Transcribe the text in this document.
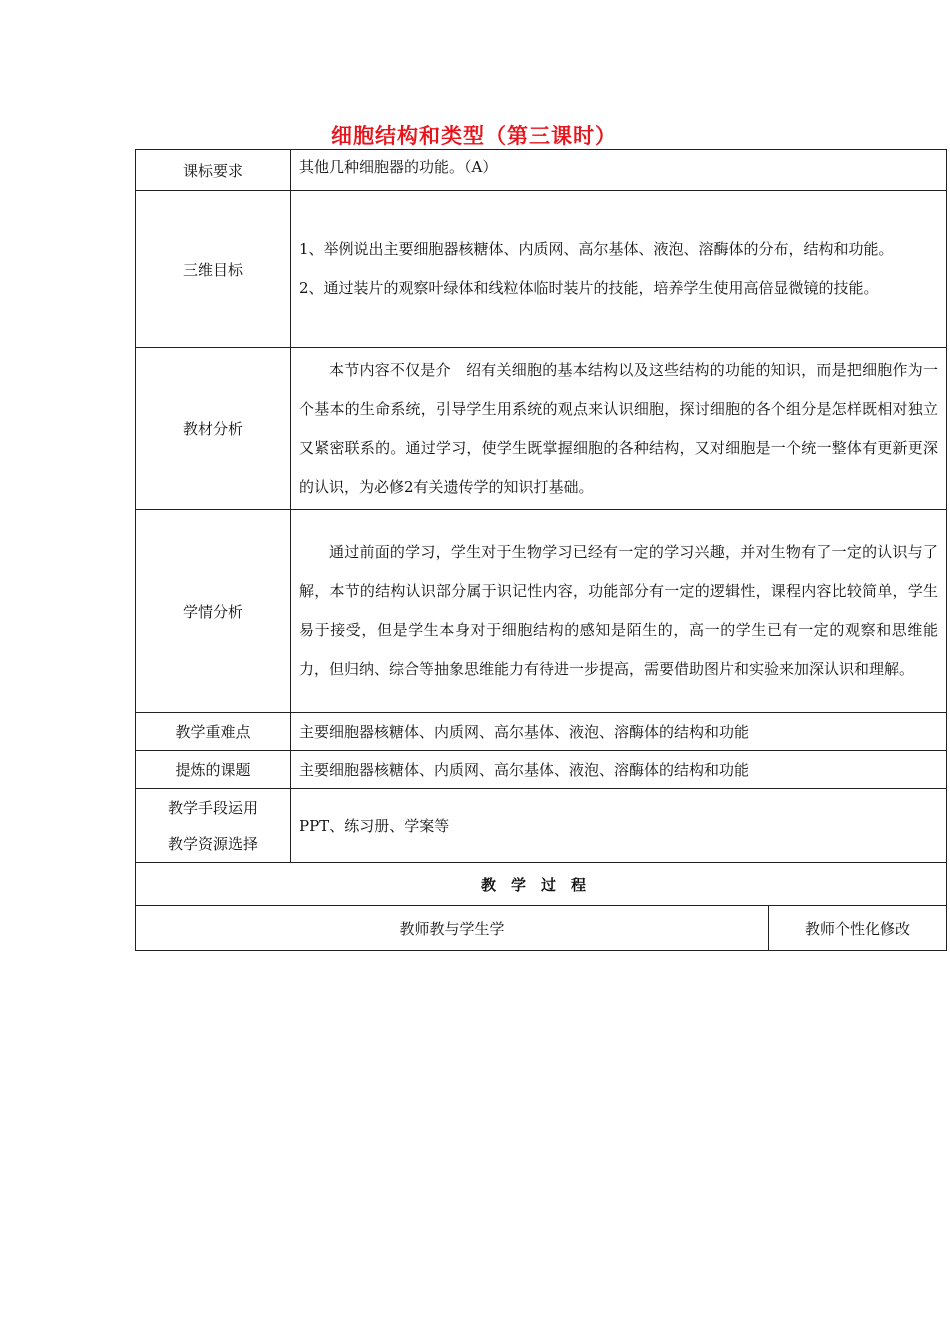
细胞结构和类型（第三课时）
课标要求	其他几种细胞器的功能。（A）	
三维目标	1、举例说出主要细胞器核糖体、内质网、高尔基体、液泡、溶酶体的分布，结构和功能。
2、通过装片的观察叶绿体和线粒体临时装片的技能，培养学生使用高倍显微镜的技能。	

教材分析	本节内容不仅是介　绍有关细胞的基本结构以及这些结构的功能的知识，而是把细胞作为一个基本的生命系统，引导学生用系统的观点来认识细胞，探讨细胞的各个组分是怎样既相对独立又紧密联系的。通过学习，使学生既掌握细胞的各种结构，又对细胞是一个统一整体有更新更深的认识，为必修2有关遗传学的知识打基础。	

学情分析	通过前面的学习，学生对于生物学习已经有一定的学习兴趣，并对生物有了一定的认识与了解，本节的结构认识部分属于识记性内容，功能部分有一定的逻辑性，课程内容比较简单，学生易于接受，但是学生本身对于细胞结构的感知是陌生的，高一的学生已有一定的观察和思维能力，但归纳、综合等抽象思维能力有待进一步提高，需要借助图片和实验来加深认识和理解。	

教学重难点	主要细胞器核糖体、内质网、高尔基体、液泡、溶酶体的结构和功能	
提炼的课题	主要细胞器核糖体、内质网、高尔基体、液泡、溶酶体的结构和功能	

教学手段运用
教学资源选择	PPT、练习册、学案等	
教学过程		
教师教与学生学		教师个性化修改
